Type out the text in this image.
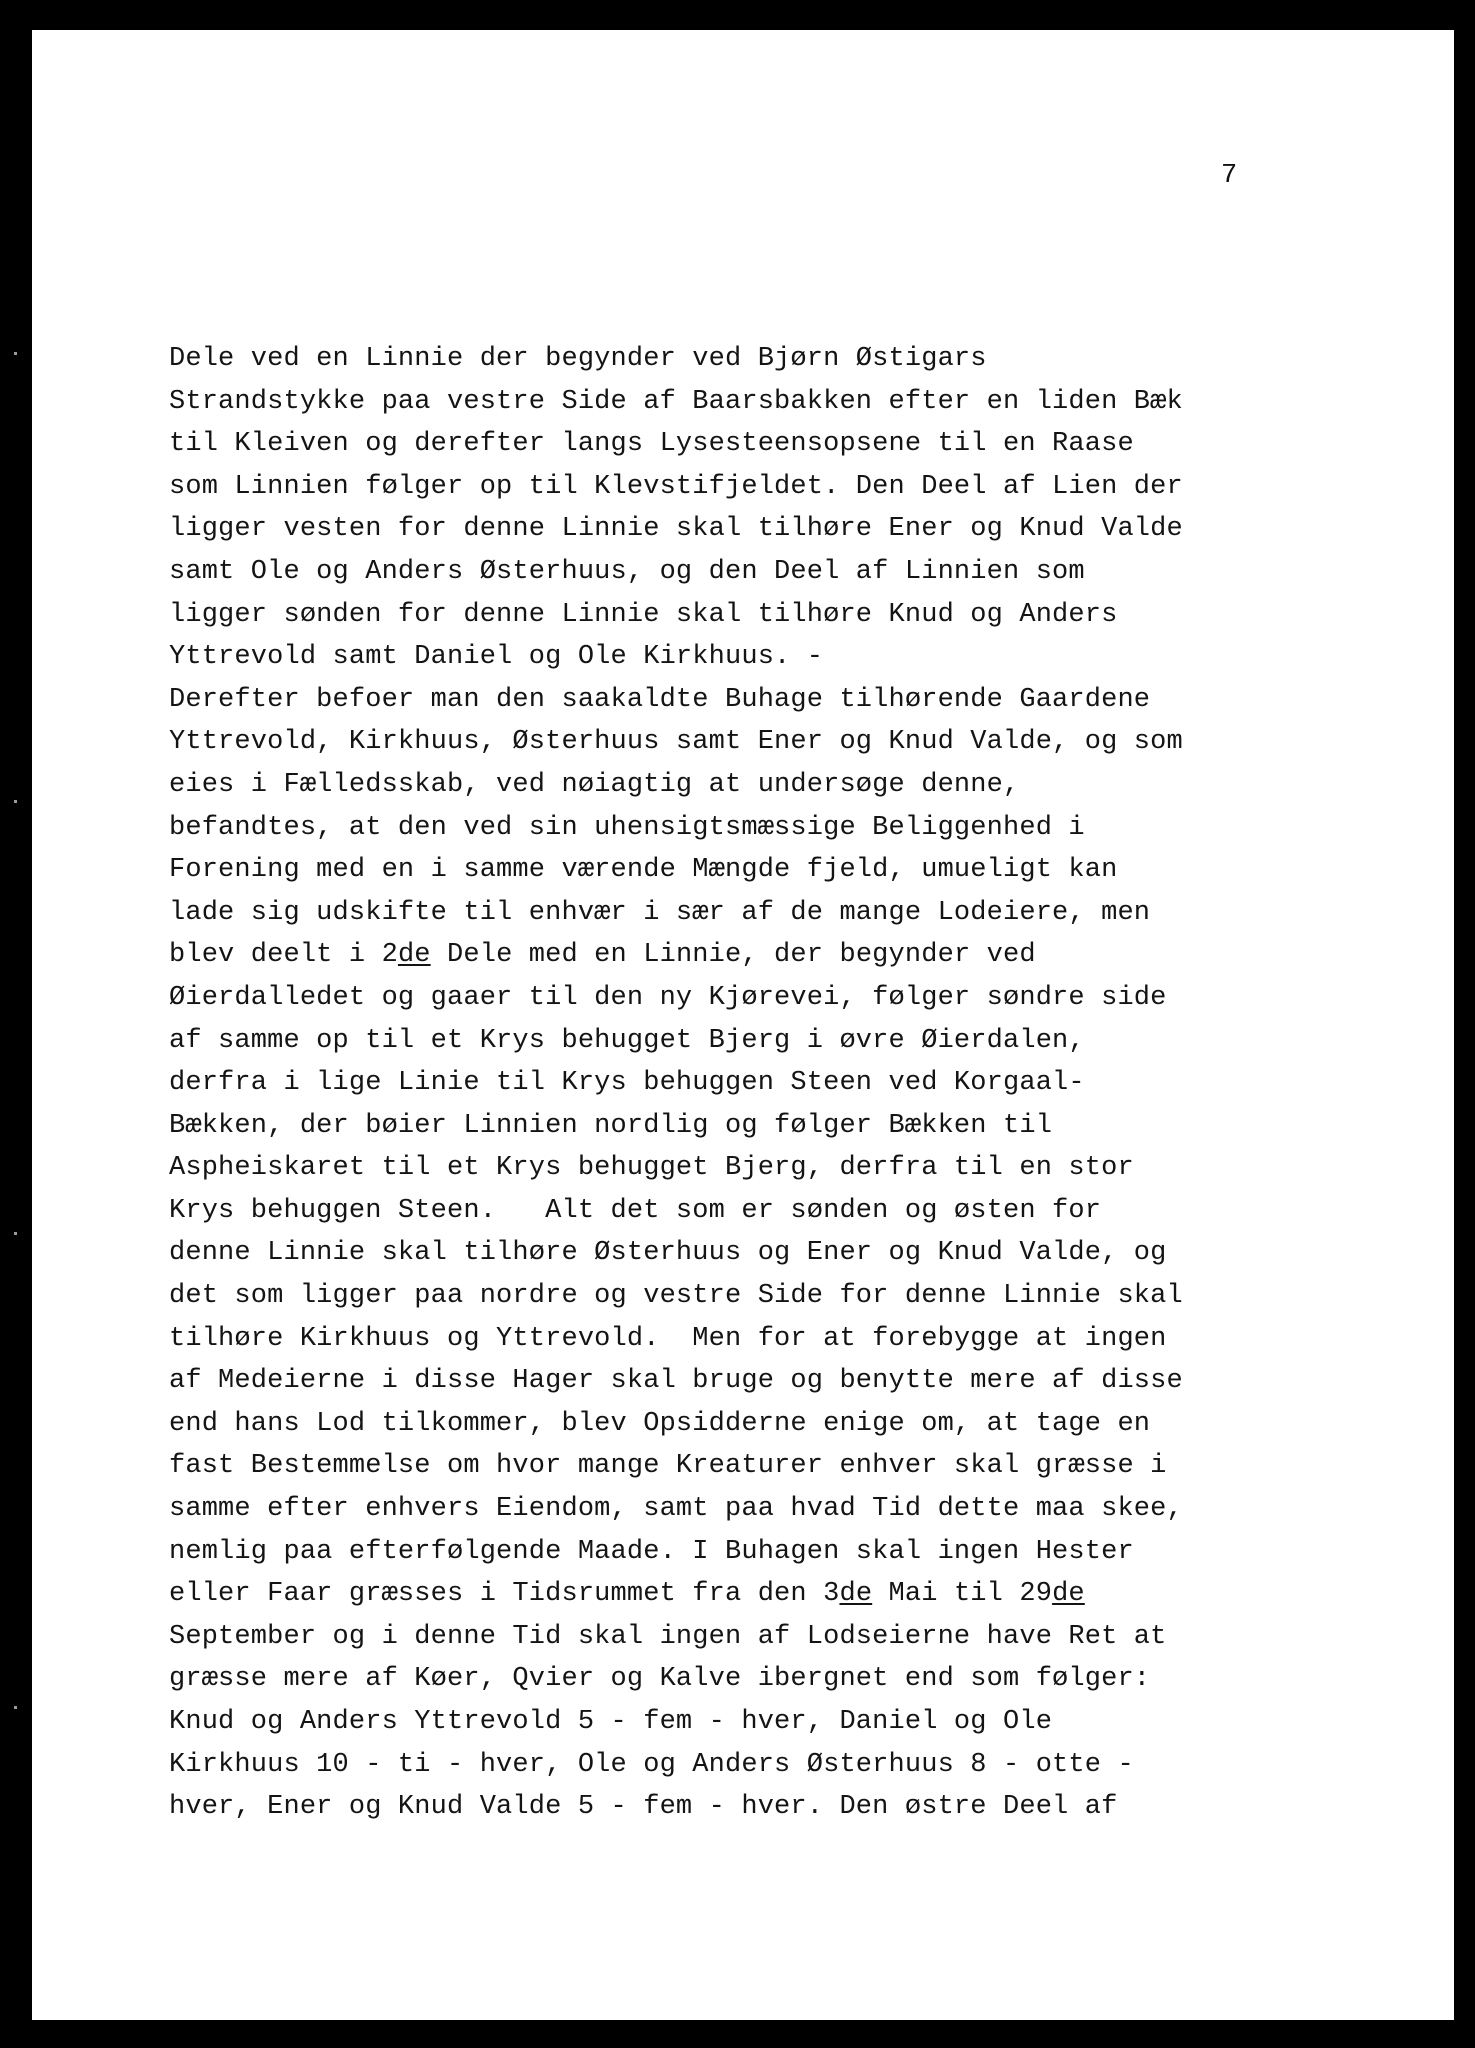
7
Dele ved en Linnie der begynder ved Bjørn Østigars
Strandstykke paa vestre Side af Baarsbakken efter en liden Bæk
til Kleiven og derefter langs Lysesteensopsene til en Raase
som Linnien følger op til Klevstifjeldet. Den Deel af Lien der
ligger vesten for denne Linnie skal tilhøre Ener og Knud Valde
samt Ole og Anders Østerhuus, og den Deel af Linnien som
ligger sønden for denne Linnie skal tilhøre Knud og Anders
Yttrevold samt Daniel og Ole Kirkhuus. -
Derefter befoer man den saakaldte Buhage tilhørende Gaardene
Yttrevold, Kirkhuus, Østerhuus samt Ener og Knud Valde, og som
eies i Fælledsskab, ved nøiagtig at undersøge denne,
befandtes, at den ved sin uhensigtsmæssige Beliggenhed i
Forening med en i samme værende Mængde fjeld, umueligt kan
lade sig udskifte til enhvær i sær af de mange Lodeiere, men
blev deelt i 2de Dele med en Linnie, der begynder ved
Øierdalledet og gaaer til den ny Kjørevei, følger søndre side
af samme op til et Krys behugget Bjerg i øvre Øierdalen,
derfra i lige Linie til Krys behuggen Steen ved Korgaal-
Bækken, der bøier Linnien nordlig og følger Bækken til
Aspheiskaret til et Krys behugget Bjerg, derfra til en stor
Krys behuggen Steen.   Alt det som er sønden og østen for
denne Linnie skal tilhøre Østerhuus og Ener og Knud Valde, og
det som ligger paa nordre og vestre Side for denne Linnie skal
tilhøre Kirkhuus og Yttrevold.  Men for at forebygge at ingen
af Medeierne i disse Hager skal bruge og benytte mere af disse
end hans Lod tilkommer, blev Opsidderne enige om, at tage en
fast Bestemmelse om hvor mange Kreaturer enhver skal græsse i
samme efter enhvers Eiendom, samt paa hvad Tid dette maa skee,
nemlig paa efterfølgende Maade. I Buhagen skal ingen Hester
eller Faar græsses i Tidsrummet fra den 3de Mai til 29de
September og i denne Tid skal ingen af Lodseierne have Ret at
græsse mere af Køer, Qvier og Kalve ibergnet end som følger:
Knud og Anders Yttrevold 5 - fem - hver, Daniel og Ole
Kirkhuus 10 - ti - hver, Ole og Anders Østerhuus 8 - otte -
hver, Ener og Knud Valde 5 - fem - hver. Den østre Deel af
